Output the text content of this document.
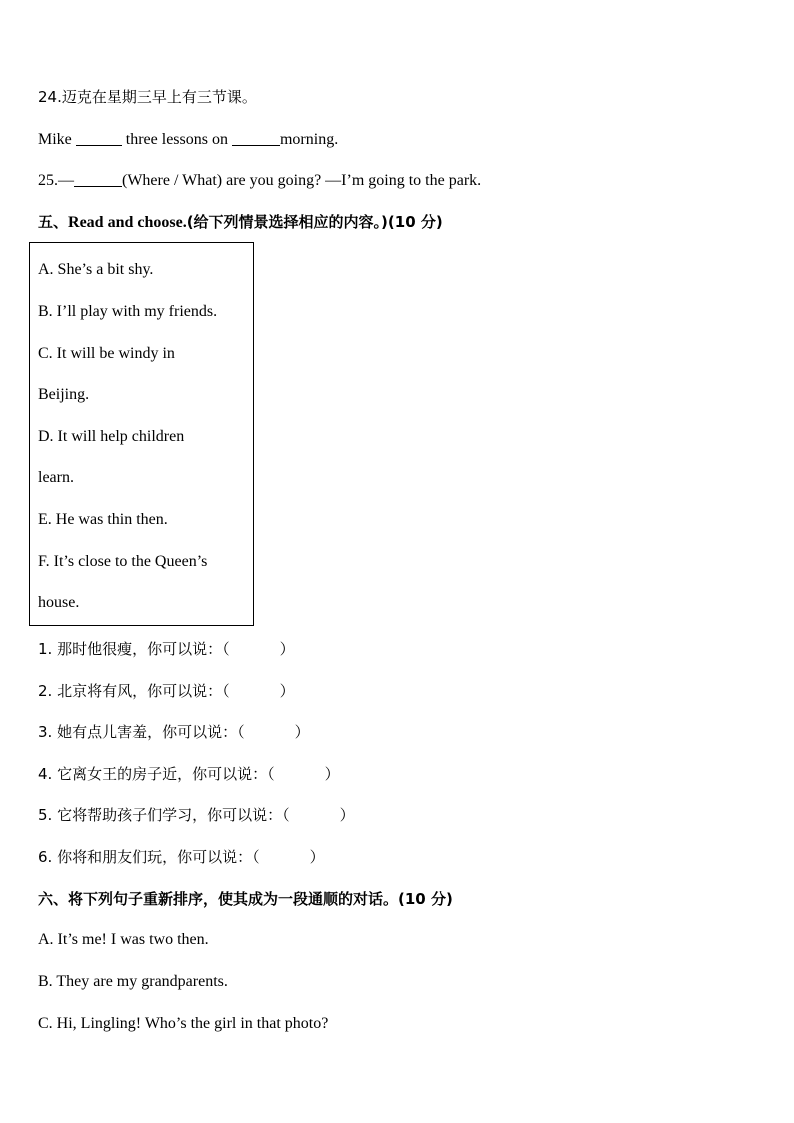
24.迈克在星期三早上有三节课。
Mike	three lessons on	morning.
25.—	(Where / What) are you going? —I’m going to the park.
五、Read and choose.(给下列情景选择相应的内容。)(10 分)
A. She’s a bit shy.
B. I’ll play with my friends.
C. It will be windy in
Beijing.
D. It will help children
learn.
E. He was thin then.
F. It’s close to the Queen’s
house.
1. 那时他很瘦，你可以说：（	）
2. 北京将有风，你可以说：（	）
3. 她有点儿害羞，你可以说：（	）
4. 它离女王的房子近，你可以说：（	）
5. 它将帮助孩子们学习，你可以说：（	）
6. 你将和朋友们玩，你可以说：（	）
六、将下列句子重新排序，使其成为一段通顺的对话。(10 分)
A. It’s me! I was two then.
B. They are my grandparents.
C. Hi, Lingling! Who’s the girl in that photo?
